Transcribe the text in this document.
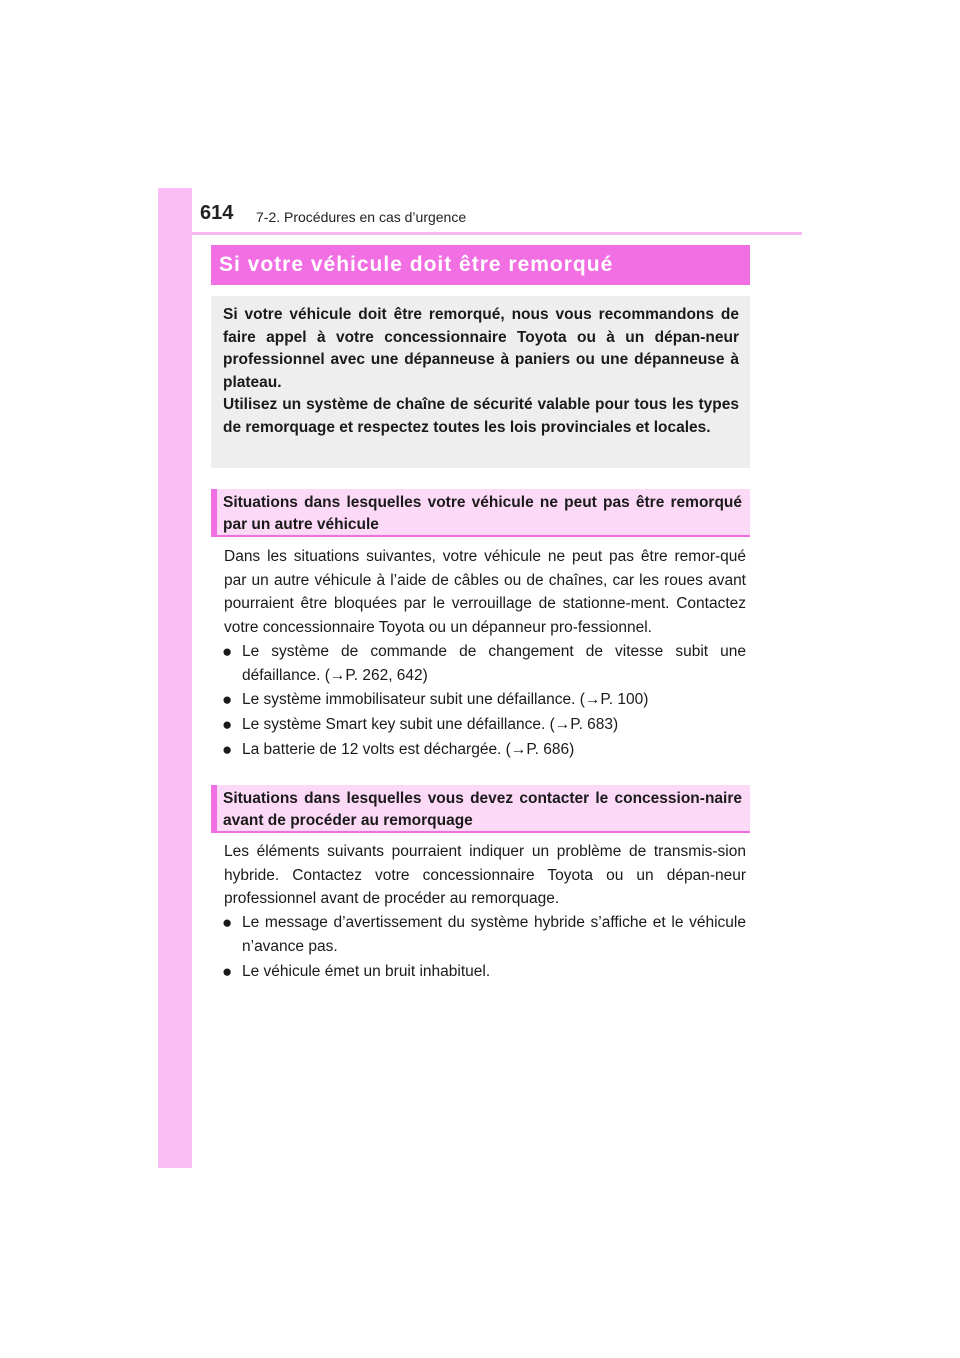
614 7-2. Procédures en cas d’urgence
Si votre véhicule doit être remorqué

Si votre véhicule doit être remorqué, nous vous recommandons de faire appel à votre concessionnaire Toyota ou à un dépan-neur professionnel avec une dépanneuse à paniers ou une dépanneuse à plateau.

Utilisez un système de chaîne de sécurité valable pour tous les types de remorquage et respectez toutes les lois provinciales et locales.

Situations dans lesquelles votre véhicule ne peut pas être remorqué par un autre véhicule

Dans les situations suivantes, votre véhicule ne peut pas être remor-qué par un autre véhicule à l’aide de câbles ou de chaînes, car les roues avant pourraient être bloquées par le verrouillage de stationne-ment. Contactez votre concessionnaire Toyota ou un dépanneur pro-fessionnel.

● Le système de commande de changement de vitesse subit une défaillance. (→P. 262, 642)
● Le système immobilisateur subit une défaillance. (→P. 100)
● Le système Smart key subit une défaillance. (→P. 683)
● La batterie de 12 volts est déchargée. (→P. 686)
Situations dans lesquelles vous devez contacter le concession-naire avant de procéder au remorquage

Les éléments suivants pourraient indiquer un problème de transmis-sion hybride. Contactez votre concessionnaire Toyota ou un dépan-neur professionnel avant de procéder au remorquage.

● Le message d’avertissement du système hybride s’affiche et le véhicule n’avance pas.
● Le véhicule émet un bruit inhabituel.
